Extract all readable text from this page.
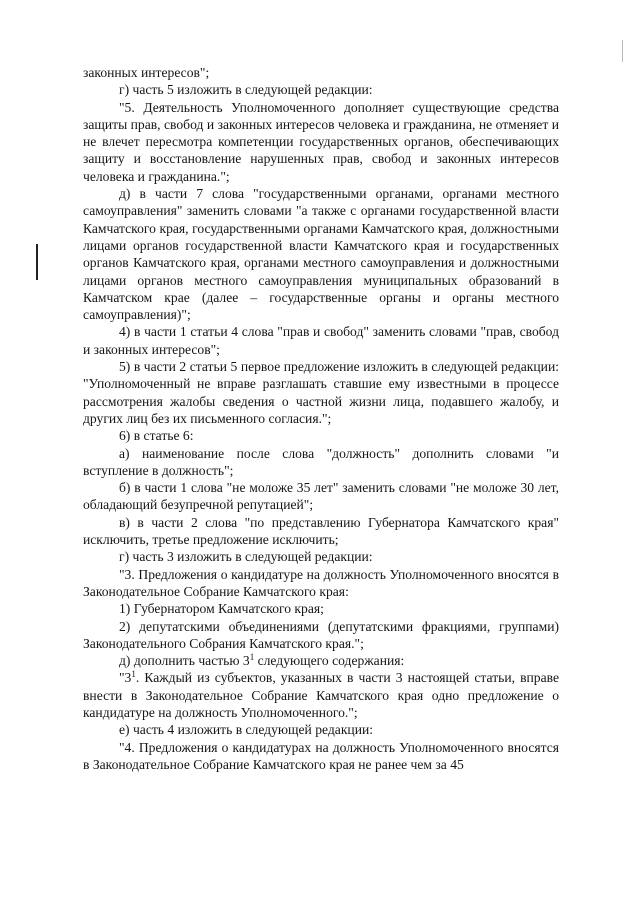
законных интересов";

г) часть 5 изложить в следующей редакции:

"5. Деятельность Уполномоченного дополняет существующие средства защиты прав, свобод и законных интересов человека и гражданина, не отменяет и не влечет пересмотра компетенции государственных органов, обеспечивающих защиту и восстановление нарушенных прав, свобод и законных интересов человека и гражданина.";

д) в части 7 слова "государственными органами, органами местного самоуправления" заменить словами "а также с органами государственной власти Камчатского края, государственными органами Камчатского края, должностными лицами органов государственной власти Камчатского края и государственных органов Камчатского края, органами местного самоуправления и должностными лицами органов местного самоуправления муниципальных образований в Камчатском крае (далее – государственные органы и органы местного самоуправления)";

4) в части 1 статьи 4 слова "прав и свобод" заменить словами "прав, свобод и законных интересов";

5) в части 2 статьи 5 первое предложение изложить в следующей редакции: "Уполномоченный не вправе разглашать ставшие ему известными в процессе рассмотрения жалобы сведения о частной жизни лица, подавшего жалобу, и других лиц без их письменного согласия.";

6) в статье 6:

а) наименование после слова "должность" дополнить словами "и вступление в должность";

б) в части 1 слова "не моложе 35 лет" заменить словами "не моложе 30 лет, обладающий безупречной репутацией";

в) в части 2 слова "по представлению Губернатора Камчатского края" исключить, третье предложение исключить;

г) часть 3 изложить в следующей редакции:

"3. Предложения о кандидатуре на должность Уполномоченного вносятся в Законодательное Собрание Камчатского края:

1) Губернатором Камчатского края;

2) депутатскими объединениями (депутатскими фракциями, группами) Законодательного Собрания Камчатского края.";

д) дополнить частью $3^1$ следующего содержания:

"$3^1$. Каждый из субъектов, указанных в части 3 настоящей статьи, вправе внести в Законодательное Собрание Камчатского края одно предложение о кандидатуре на должность Уполномоченного.";

е) часть 4 изложить в следующей редакции:

"4. Предложения о кандидатурах на должность Уполномоченного вносятся в Законодательное Собрание Камчатского края не ранее чем за 45
